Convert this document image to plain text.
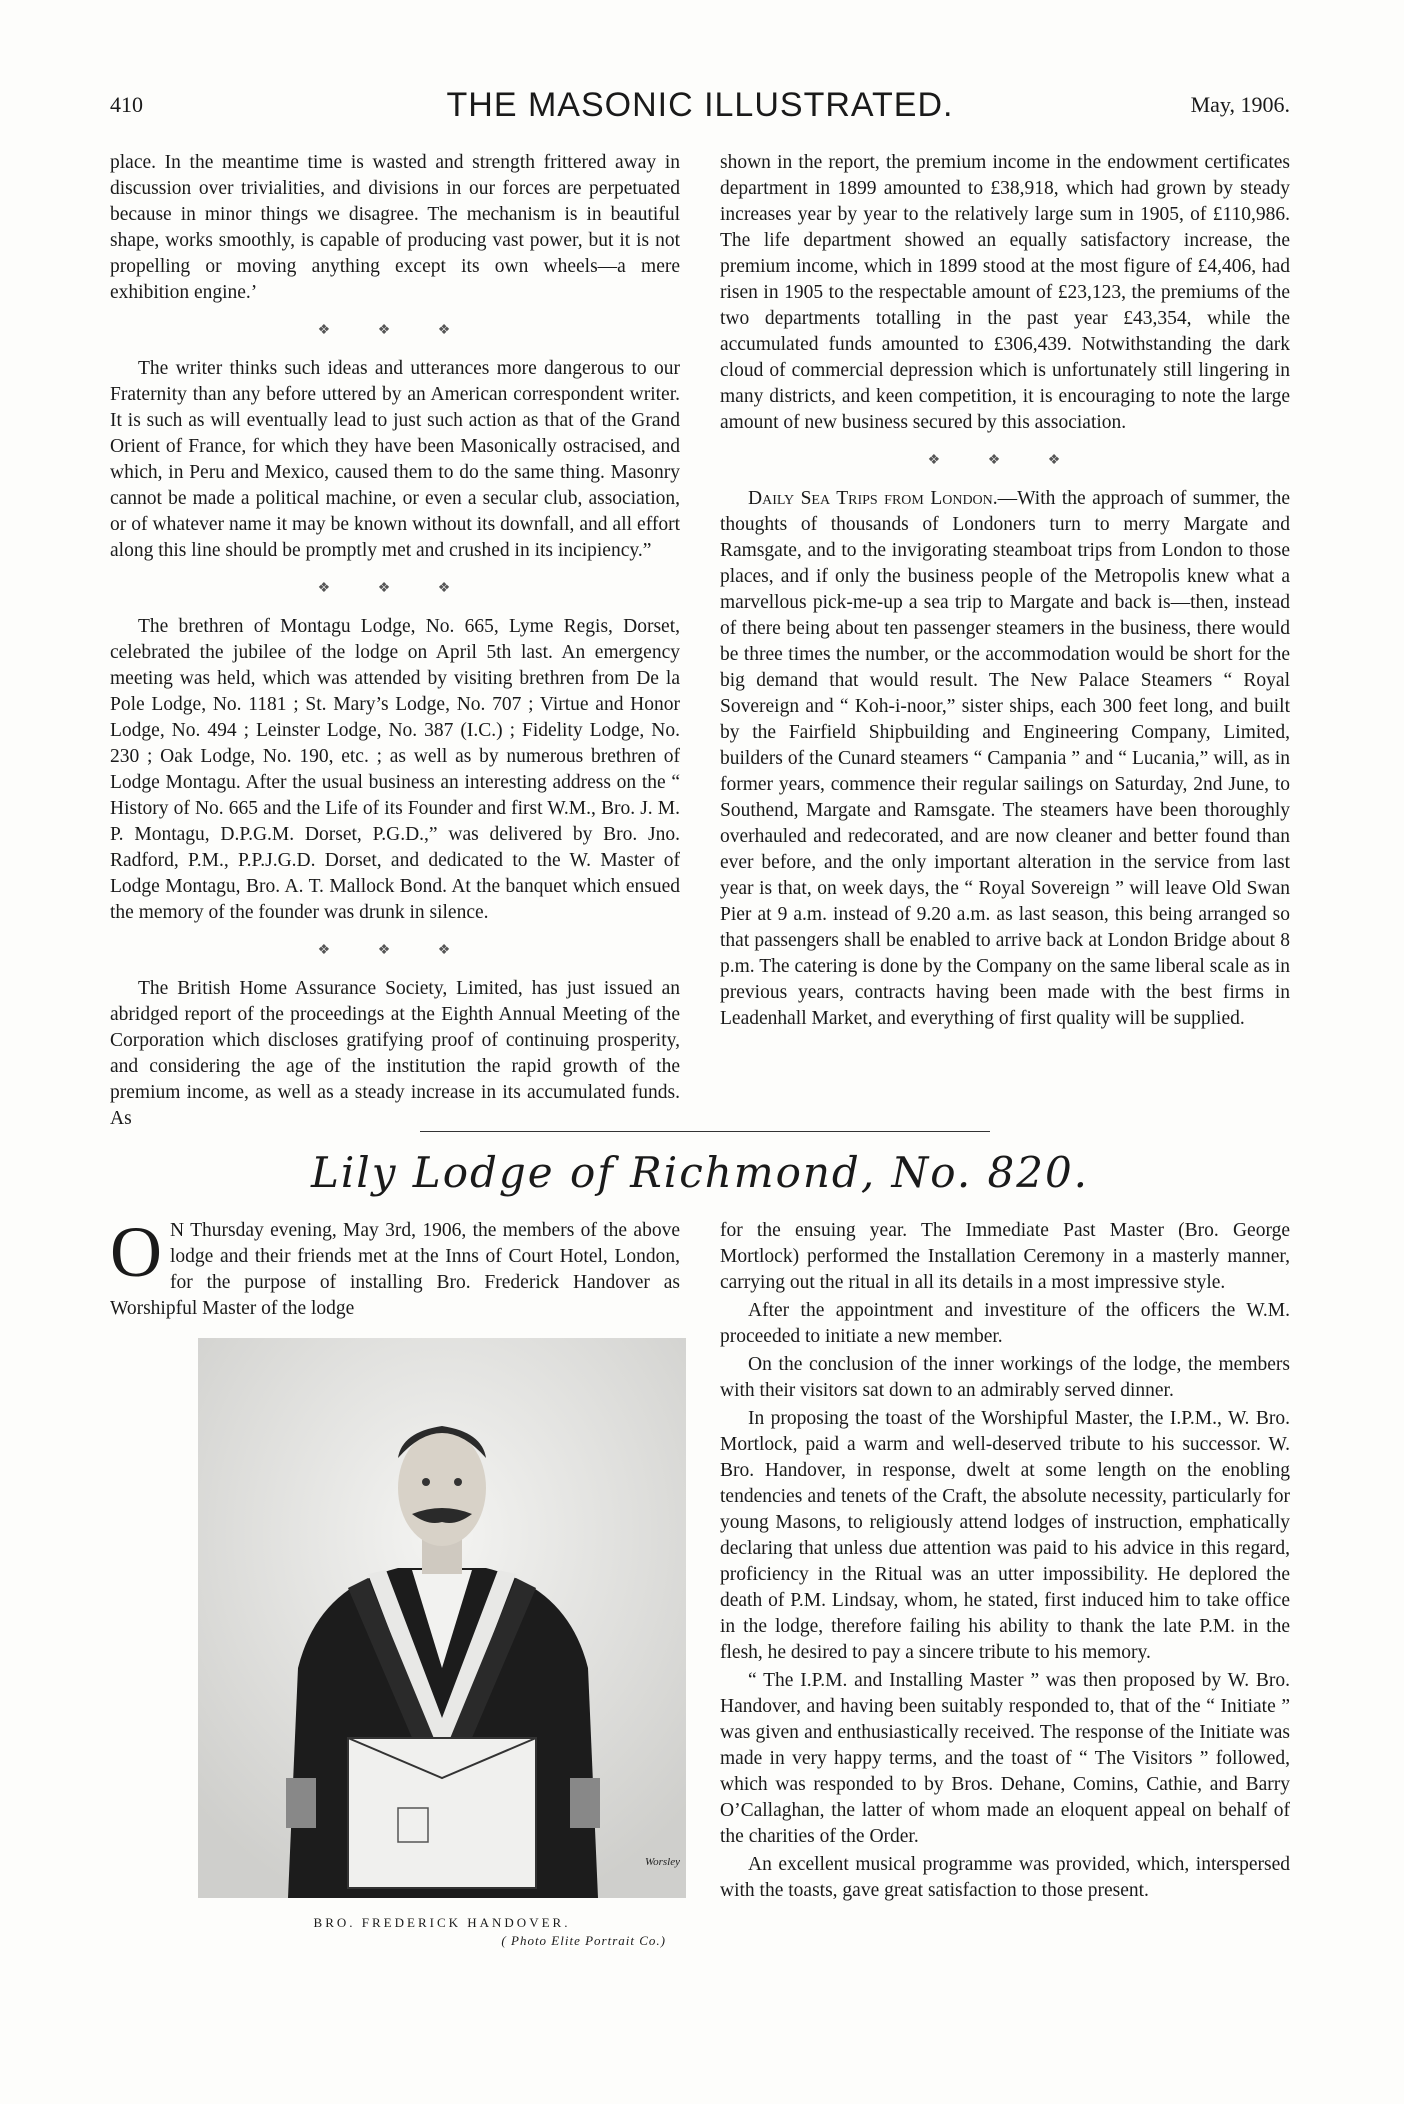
410	THE MASONIC ILLUSTRATED.	May, 1906.

place. In the meantime time is wasted and strength frittered away in discussion over trivialities, and divisions in our forces are perpetuated because in minor things we disagree. The mechanism is in beautiful shape, works smoothly, is capable of producing vast power, but it is not propelling or moving anything except its own wheels—a mere exhibition engine.’

❖ ❖ ❖

The writer thinks such ideas and utterances more dangerous to our Fraternity than any before uttered by an American correspondent writer. It is such as will eventually lead to just such action as that of the Grand Orient of France, for which they have been Masonically ostracised, and which, in Peru and Mexico, caused them to do the same thing. Masonry cannot be made a political machine, or even a secular club, association, or of whatever name it may be known without its downfall, and all effort along this line should be promptly met and crushed in its incipiency.”

❖ ❖ ❖

The brethren of Montagu Lodge, No. 665, Lyme Regis, Dorset, celebrated the jubilee of the lodge on April 5th last. An emergency meeting was held, which was attended by visiting brethren from De la Pole Lodge, No. 1181 ; St. Mary’s Lodge, No. 707 ; Virtue and Honor Lodge, No. 494 ; Leinster Lodge, No. 387 (I.C.) ; Fidelity Lodge, No. 230 ; Oak Lodge, No. 190, etc. ; as well as by numerous brethren of Lodge Montagu. After the usual business an interesting address on the “ History of No. 665 and the Life of its Founder and first W.M., Bro. J. M. P. Montagu, D.P.G.M. Dorset, P.G.D.,” was delivered by Bro. Jno. Radford, P.M., P.P.J.G.D. Dorset, and dedicated to the W. Master of Lodge Montagu, Bro. A. T. Mallock Bond. At the banquet which ensued the memory of the founder was drunk in silence.

❖ ❖ ❖

The British Home Assurance Society, Limited, has just issued an abridged report of the proceedings at the Eighth Annual Meeting of the Corporation which discloses gratifying proof of continuing prosperity, and considering the age of the institution the rapid growth of the premium income, as well as a steady increase in its accumulated funds. As

shown in the report, the premium income in the endowment certificates department in 1899 amounted to £38,918, which had grown by steady increases year by year to the relatively large sum in 1905, of £110,986. The life department showed an equally satisfactory increase, the premium income, which in 1899 stood at the most figure of £4,406, had risen in 1905 to the respectable amount of £23,123, the premiums of the two departments totalling in the past year £43,354, while the accumulated funds amounted to £306,439. Notwithstanding the dark cloud of commercial depression which is unfortunately still lingering in many districts, and keen competition, it is encouraging to note the large amount of new business secured by this association.

❖ ❖ ❖

Daily Sea Trips from London.—With the approach of summer, the thoughts of thousands of Londoners turn to merry Margate and Ramsgate, and to the invigorating steamboat trips from London to those places, and if only the business people of the Metropolis knew what a marvellous pick-me-up a sea trip to Margate and back is—then, instead of there being about ten passenger steamers in the business, there would be three times the number, or the accommodation would be short for the big demand that would result. The New Palace Steamers “ Royal Sovereign and “ Koh-i-noor,” sister ships, each 300 feet long, and built by the Fairfield Shipbuilding and Engineering Company, Limited, builders of the Cunard steamers “ Campania ” and “ Lucania,” will, as in former years, commence their regular sailings on Saturday, 2nd June, to Southend, Margate and Ramsgate. The steamers have been thoroughly overhauled and redecorated, and are now cleaner and better found than ever before, and the only important alteration in the service from last year is that, on week days, the “ Royal Sovereign ” will leave Old Swan Pier at 9 a.m. instead of 9.20 a.m. as last season, this being arranged so that passengers shall be enabled to arrive back at London Bridge about 8 p.m. The catering is done by the Company on the same liberal scale as in previous years, contracts having been made with the best firms in Leadenhall Market, and everything of first quality will be supplied.

Lily Lodge of Richmond, No. 820.

O N Thursday evening, May 3rd, 1906, the members of the above lodge and their friends met at the Inns of Court Hotel, London, for the purpose of installing Bro. Frederick Handover as Worshipful Master of the lodge

Worsley
BRO. FREDERICK HANDOVER.
( Photo Elite Portrait Co.)

for the ensuing year. The Immediate Past Master (Bro. George Mortlock) performed the Installation Ceremony in a masterly manner, carrying out the ritual in all its details in a most impressive style.

After the appointment and investiture of the officers the W.M. proceeded to initiate a new member.

On the conclusion of the inner workings of the lodge, the members with their visitors sat down to an admirably served dinner.

In proposing the toast of the Worshipful Master, the I.P.M., W. Bro. Mortlock, paid a warm and well-deserved tribute to his successor. W. Bro. Handover, in response, dwelt at some length on the enobling tendencies and tenets of the Craft, the absolute necessity, particularly for young Masons, to religiously attend lodges of instruction, emphatically declaring that unless due attention was paid to his advice in this regard, proficiency in the Ritual was an utter impossibility. He deplored the death of P.M. Lindsay, whom, he stated, first induced him to take office in the lodge, therefore failing his ability to thank the late P.M. in the flesh, he desired to pay a sincere tribute to his memory.

“ The I.P.M. and Installing Master ” was then proposed by W. Bro. Handover, and having been suitably responded to, that of the “ Initiate ” was given and enthusiastically received. The response of the Initiate was made in very happy terms, and the toast of “ The Visitors ” followed, which was responded to by Bros. Dehane, Comins, Cathie, and Barry O’Callaghan, the latter of whom made an eloquent appeal on behalf of the charities of the Order.

An excellent musical programme was provided, which, interspersed with the toasts, gave great satisfaction to those present.
